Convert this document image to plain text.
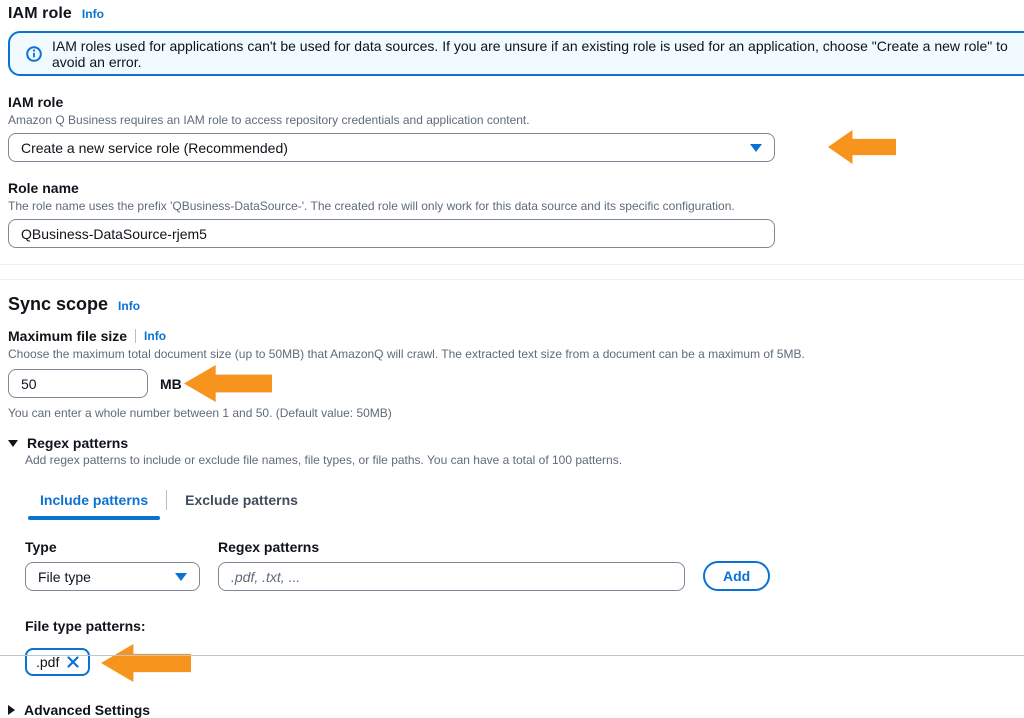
IAM role Info
IAM roles used for applications can't be used for data sources. If you are unsure if an existing role is used for an application, choose "Create a new role" to avoid an error.
IAM role
Amazon Q Business requires an IAM role to access repository credentials and application content.
Create a new service role (Recommended)
Role name
The role name uses the prefix 'QBusiness-DataSource-'. The created role will only work for this data source and its specific configuration.
QBusiness-DataSource-rjem5
Sync scope Info
Maximum file size Info
Choose the maximum total document size (up to 50MB) that AmazonQ will crawl. The extracted text size from a document can be a maximum of 5MB.
50
MB
You can enter a whole number between 1 and 50. (Default value: 50MB)
Regex patterns
Add regex patterns to include or exclude file names, file types, or file paths. You can have a total of 100 patterns.
Include patterns	Exclude patterns
Type
File type
Regex patterns
.pdf, .txt, ...
Add
File type patterns:
.pdf
Advanced Settings
